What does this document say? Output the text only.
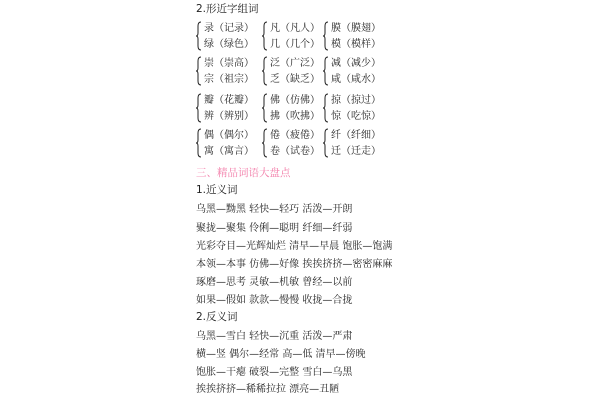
2.形近字组词
录（记录）
绿（绿色）
凡（凡人）
几（几个）
膜（膜翅）
模（模样）
崇（崇高）
宗（祖宗）
泛（广泛）
乏（缺乏）
减（减少）
咸（咸水）
瓣（花瓣）
辨（辨别）
佛（仿佛）
拂（吹拂）
掠（掠过）
惊（吃惊）
偶（偶尔）
寓（寓言）
倦（疲倦）
卷（试卷）
纤（纤细）
迁（迁走）
三、精品词语大盘点
1.近义词
乌黑—黝黑 轻快—轻巧 活泼—开朗
聚拢—聚集 伶俐—聪明 纤细—纤弱
光彩夺目—光辉灿烂 清早—早晨 饱胀—饱满
本领—本事 仿佛—好像 挨挨挤挤—密密麻麻
琢磨—思考 灵敏—机敏 曾经—以前
如果—假如 款款—慢慢 收拢—合拢
2.反义词
乌黑—雪白 轻快—沉重 活泼—严肃
横—竖 偶尔—经常 高—低 清早—傍晚
饱胀—干瘪 破裂—完整 雪白—乌黑
挨挨挤挤—稀稀拉拉 漂亮—丑陋
